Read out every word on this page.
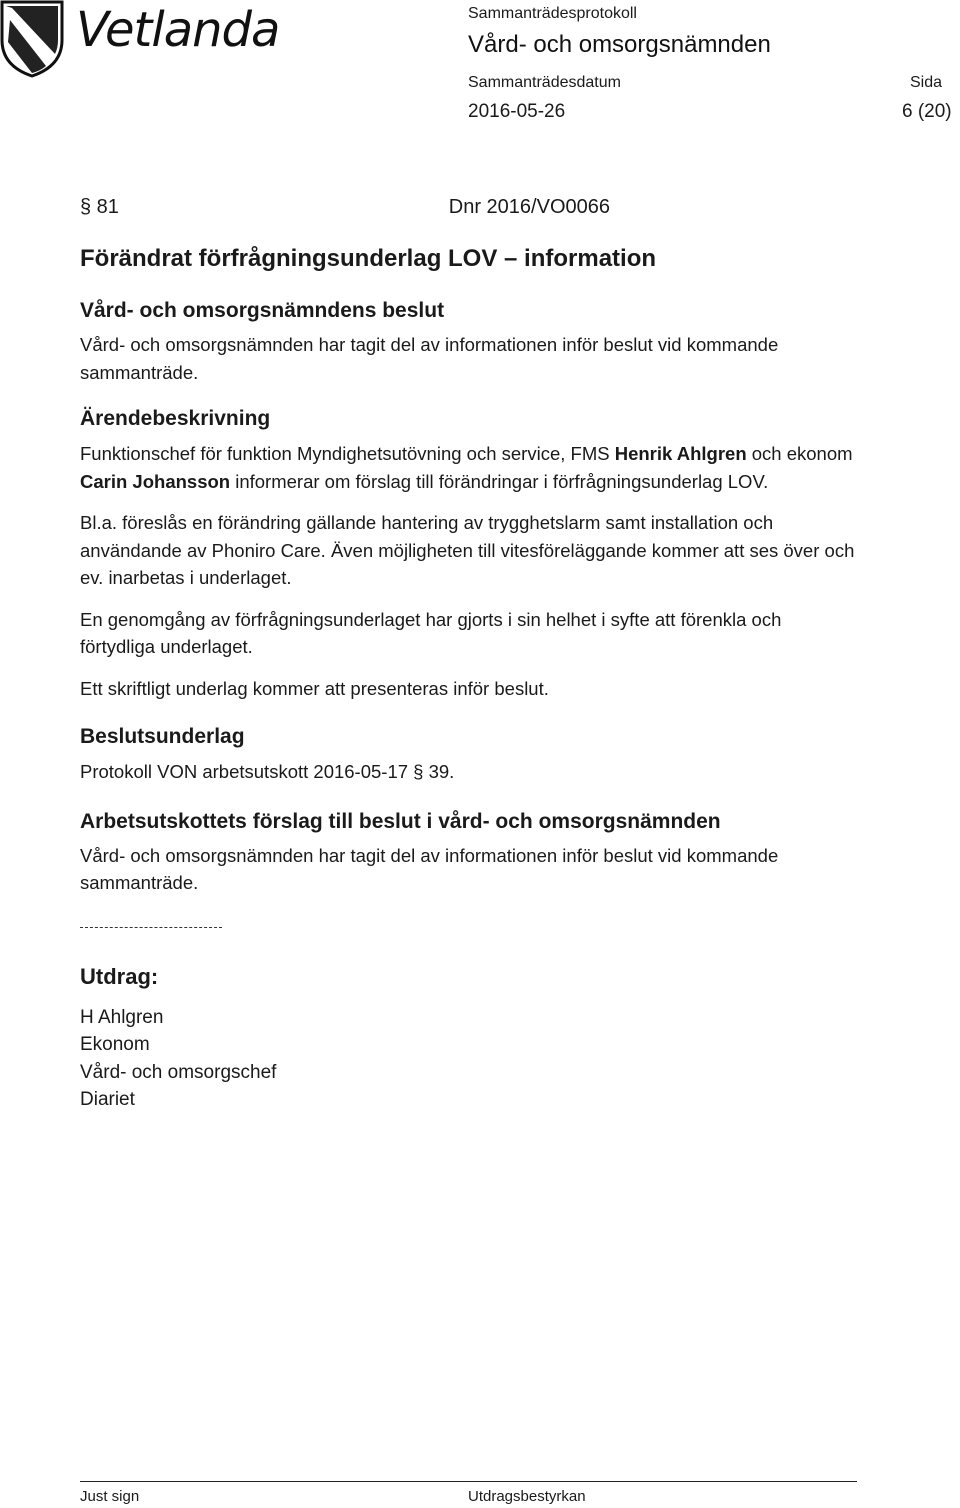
Vetlanda	Sammanträdesprotokoll
Vård- och omsorgsnämnden
Sammanträdesdatum	Sida
2016-05-26	6 (20)
§ 81	Dnr 2016/VO0066
Förändrat förfrågningsunderlag LOV – information
Vård- och omsorgsnämndens beslut
Vård- och omsorgsnämnden har tagit del av informationen inför beslut vid kommande sammanträde.
Ärendebeskrivning
Funktionschef för funktion Myndighetsutövning och service, FMS Henrik Ahlgren och ekonom Carin Johansson informerar om förslag till förändringar i förfrågningsunderlag LOV.
Bl.a. föreslås en förändring gällande hantering av trygghetslarm samt installation och användande av Phoniro Care. Även möjligheten till vitesföreläggande kommer att ses över och ev. inarbetas i underlaget.
En genomgång av förfrågningsunderlaget har gjorts i sin helhet i syfte att förenkla och förtydliga underlaget.
Ett skriftligt underlag kommer att presenteras inför beslut.
Beslutsunderlag
Protokoll VON arbetsutskott 2016-05-17 § 39.
Arbetsutskottets förslag till beslut i vård- och omsorgsnämnden
Vård- och omsorgsnämnden har tagit del av informationen inför beslut vid kommande sammanträde.
Utdrag:
H Ahlgren
Ekonom
Vård- och omsorgschef
Diariet
Just sign	Utdragsbestyrkan
